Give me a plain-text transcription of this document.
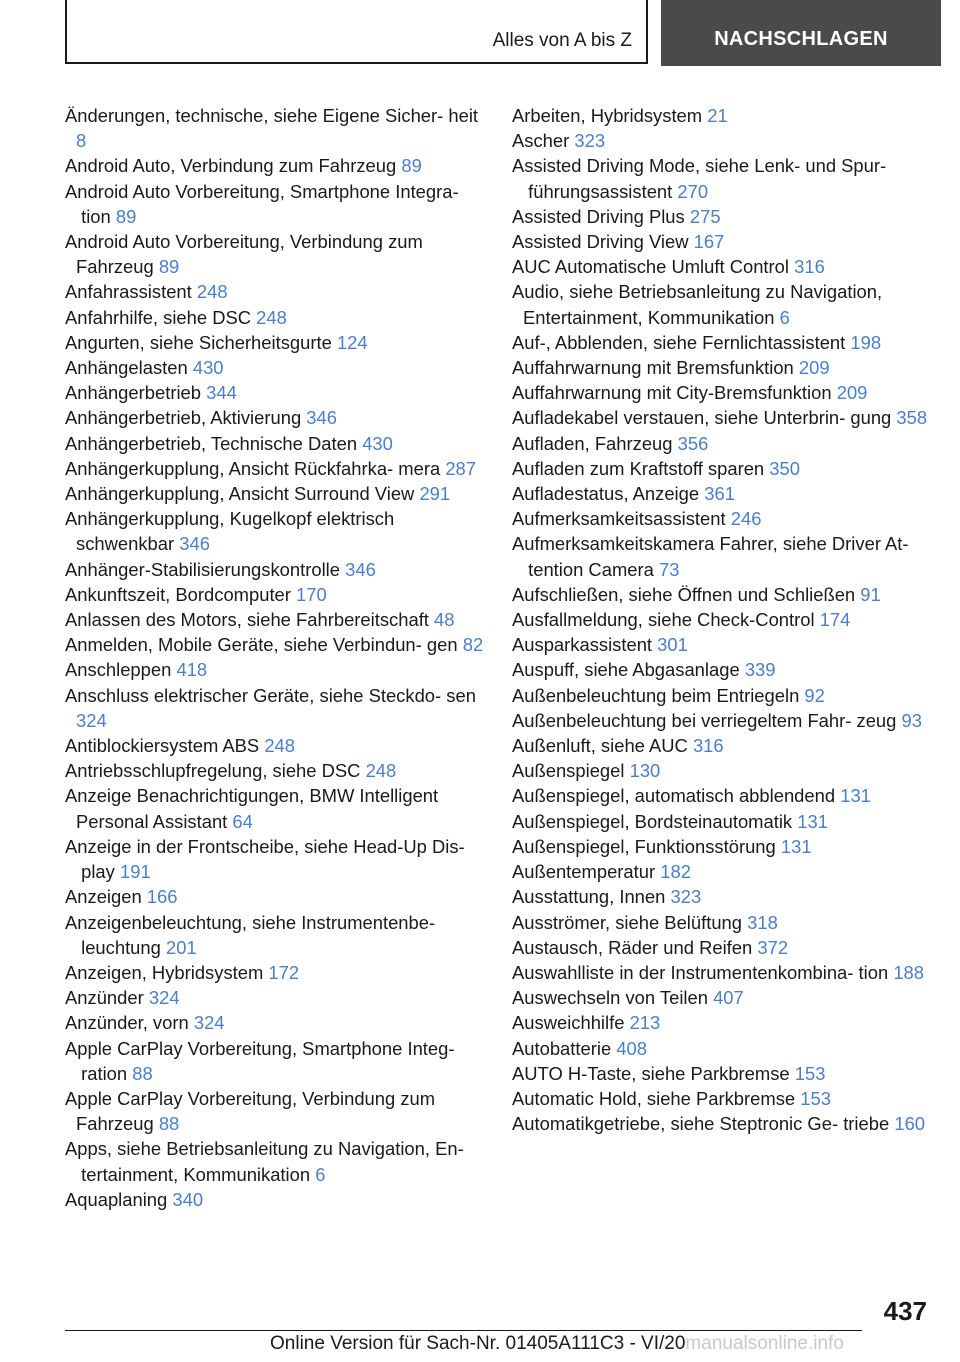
Alles von A bis Z	NACHSCHLAGEN
Änderungen, technische, siehe Eigene Sicher- heit 8
Android Auto, Verbindung zum Fahrzeug 89
Android Auto Vorbereitung, Smartphone Integra- tion 89
Android Auto Vorbereitung, Verbindung zum Fahrzeug 89
Anfahrassistent 248
Anfahrhilfe, siehe DSC 248
Angurten, siehe Sicherheitsgurte 124
Anhängelasten 430
Anhängerbetrieb 344
Anhängerbetrieb, Aktivierung 346
Anhängerbetrieb, Technische Daten 430
Anhängerkupplung, Ansicht Rückfahrka- mera 287
Anhängerkupplung, Ansicht Surround View 291
Anhängerkupplung, Kugelkopf elektrisch schwenkbar 346
Anhänger-Stabilisierungskontrolle 346
Ankunftszeit, Bordcomputer 170
Anlassen des Motors, siehe Fahrbereitschaft 48
Anmelden, Mobile Geräte, siehe Verbindun- gen 82
Anschleppen 418
Anschluss elektrischer Geräte, siehe Steckdo- sen 324
Antiblockiersystem ABS 248
Antriebsschlupfregelung, siehe DSC 248
Anzeige Benachrichtigungen, BMW Intelligent Personal Assistant 64
Anzeige in der Frontscheibe, siehe Head-Up Dis- play 191
Anzeigen 166
Anzeigenbeleuchtung, siehe Instrumentenbe- leuchtung 201
Anzeigen, Hybridsystem 172
Anzünder 324
Anzünder, vorn 324
Apple CarPlay Vorbereitung, Smartphone Integ- ration 88
Apple CarPlay Vorbereitung, Verbindung zum Fahrzeug 88
Apps, siehe Betriebsanleitung zu Navigation, En- tertainment, Kommunikation 6
Aquaplaning 340
Arbeiten, Hybridsystem 21
Ascher 323
Assisted Driving Mode, siehe Lenk- und Spur- führungsassistent 270
Assisted Driving Plus 275
Assisted Driving View 167
AUC Automatische Umluft Control 316
Audio, siehe Betriebsanleitung zu Navigation, Entertainment, Kommunikation 6
Auf-, Abblenden, siehe Fernlichtassistent 198
Auffahrwarnung mit Bremsfunktion 209
Auffahrwarnung mit City-Bremsfunktion 209
Aufladekabel verstauen, siehe Unterbrin- gung 358
Aufladen, Fahrzeug 356
Aufladen zum Kraftstoff sparen 350
Aufladestatus, Anzeige 361
Aufmerksamkeitsassistent 246
Aufmerksamkeitskamera Fahrer, siehe Driver At- tention Camera 73
Aufschließen, siehe Öffnen und Schließen 91
Ausfallmeldung, siehe Check-Control 174
Ausparkassistent 301
Auspuff, siehe Abgasanlage 339
Außenbeleuchtung beim Entriegeln 92
Außenbeleuchtung bei verriegeltem Fahr- zeug 93
Außenluft, siehe AUC 316
Außenspiegel 130
Außenspiegel, automatisch abblendend 131
Außenspiegel, Bordsteinautomatik 131
Außenspiegel, Funktionsstörung 131
Außentemperatur 182
Ausstattung, Innen 323
Ausströmer, siehe Belüftung 318
Austausch, Räder und Reifen 372
Auswahlliste in der Instrumentenkombina- tion 188
Auswechseln von Teilen 407
Ausweichhilfe 213
Autobatterie 408
AUTO H-Taste, siehe Parkbremse 153
Automatic Hold, siehe Parkbremse 153
Automatikgetriebe, siehe Steptronic Ge- triebe 160
437
Online Version für Sach-Nr. 01405A111C3 - VI/20manualsonline.info
